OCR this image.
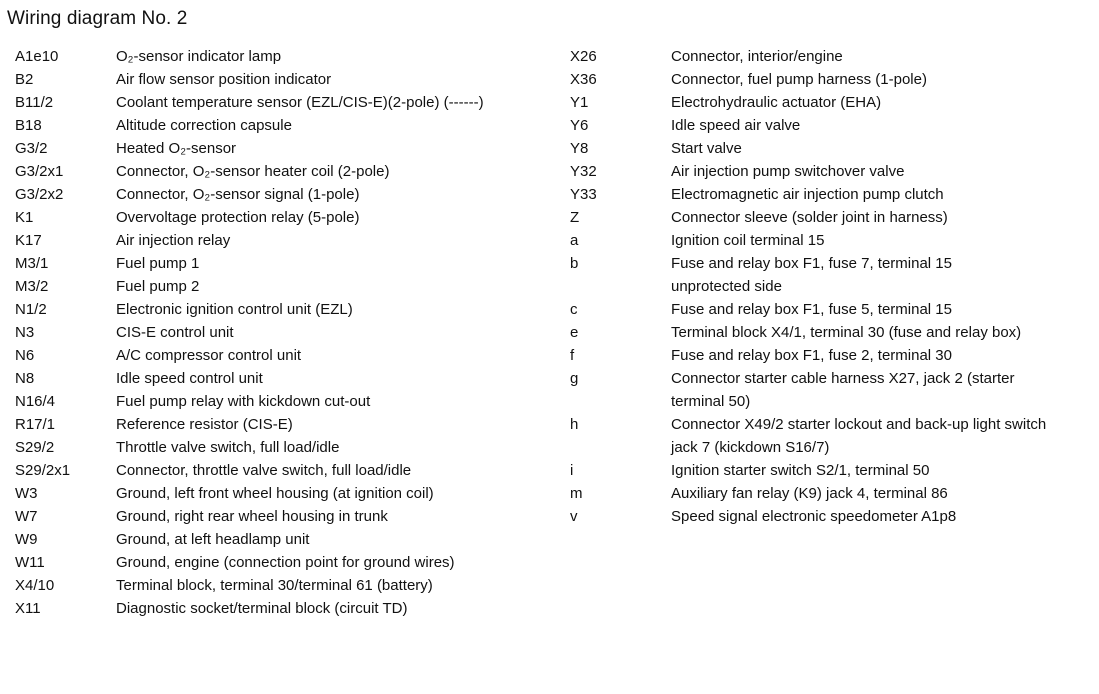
Wiring diagram No. 2
A1e10	O₂-sensor indicator lamp
B2	Air flow sensor position indicator
B11/2	Coolant temperature sensor (EZL/CIS-E)(2-pole) (------)
B18	Altitude correction capsule
G3/2	Heated O₂-sensor
G3/2x1	Connector, O₂-sensor heater coil (2-pole)
G3/2x2	Connector, O₂-sensor signal (1-pole)
K1	Overvoltage protection relay (5-pole)
K17	Air injection relay
M3/1	Fuel pump 1
M3/2	Fuel pump 2
N1/2	Electronic ignition control unit (EZL)
N3	CIS-E control unit
N6	A/C compressor control unit
N8	Idle speed control unit
N16/4	Fuel pump relay with kickdown cut-out
R17/1	Reference resistor (CIS-E)
S29/2	Throttle valve switch, full load/idle
S29/2x1	Connector, throttle valve switch, full load/idle
W3	Ground, left front wheel housing (at ignition coil)
W7	Ground, right rear wheel housing in trunk
W9	Ground, at left headlamp unit
W11	Ground, engine (connection point for ground wires)
X4/10	Terminal block, terminal 30/terminal 61 (battery)
X11	Diagnostic socket/terminal block (circuit TD)
X26	Connector, interior/engine
X36	Connector, fuel pump harness (1-pole)
Y1	Electrohydraulic actuator (EHA)
Y6	Idle speed air valve
Y8	Start valve
Y32	Air injection pump switchover valve
Y33	Electromagnetic air injection pump clutch
Z	Connector sleeve (solder joint in harness)
a	Ignition coil terminal 15
b	Fuse and relay box F1, fuse 7, terminal 15 unprotected side
c	Fuse and relay box F1, fuse 5, terminal 15
e	Terminal block X4/1, terminal 30 (fuse and relay box)
f	Fuse and relay box F1, fuse 2, terminal 30
g	Connector starter cable harness X27, jack 2 (starter terminal 50)
h	Connector X49/2 starter lockout and back-up light switch jack 7 (kickdown S16/7)
i	Ignition starter switch S2/1, terminal 50
m	Auxiliary fan relay (K9) jack 4, terminal 86
v	Speed signal electronic speedometer A1p8
